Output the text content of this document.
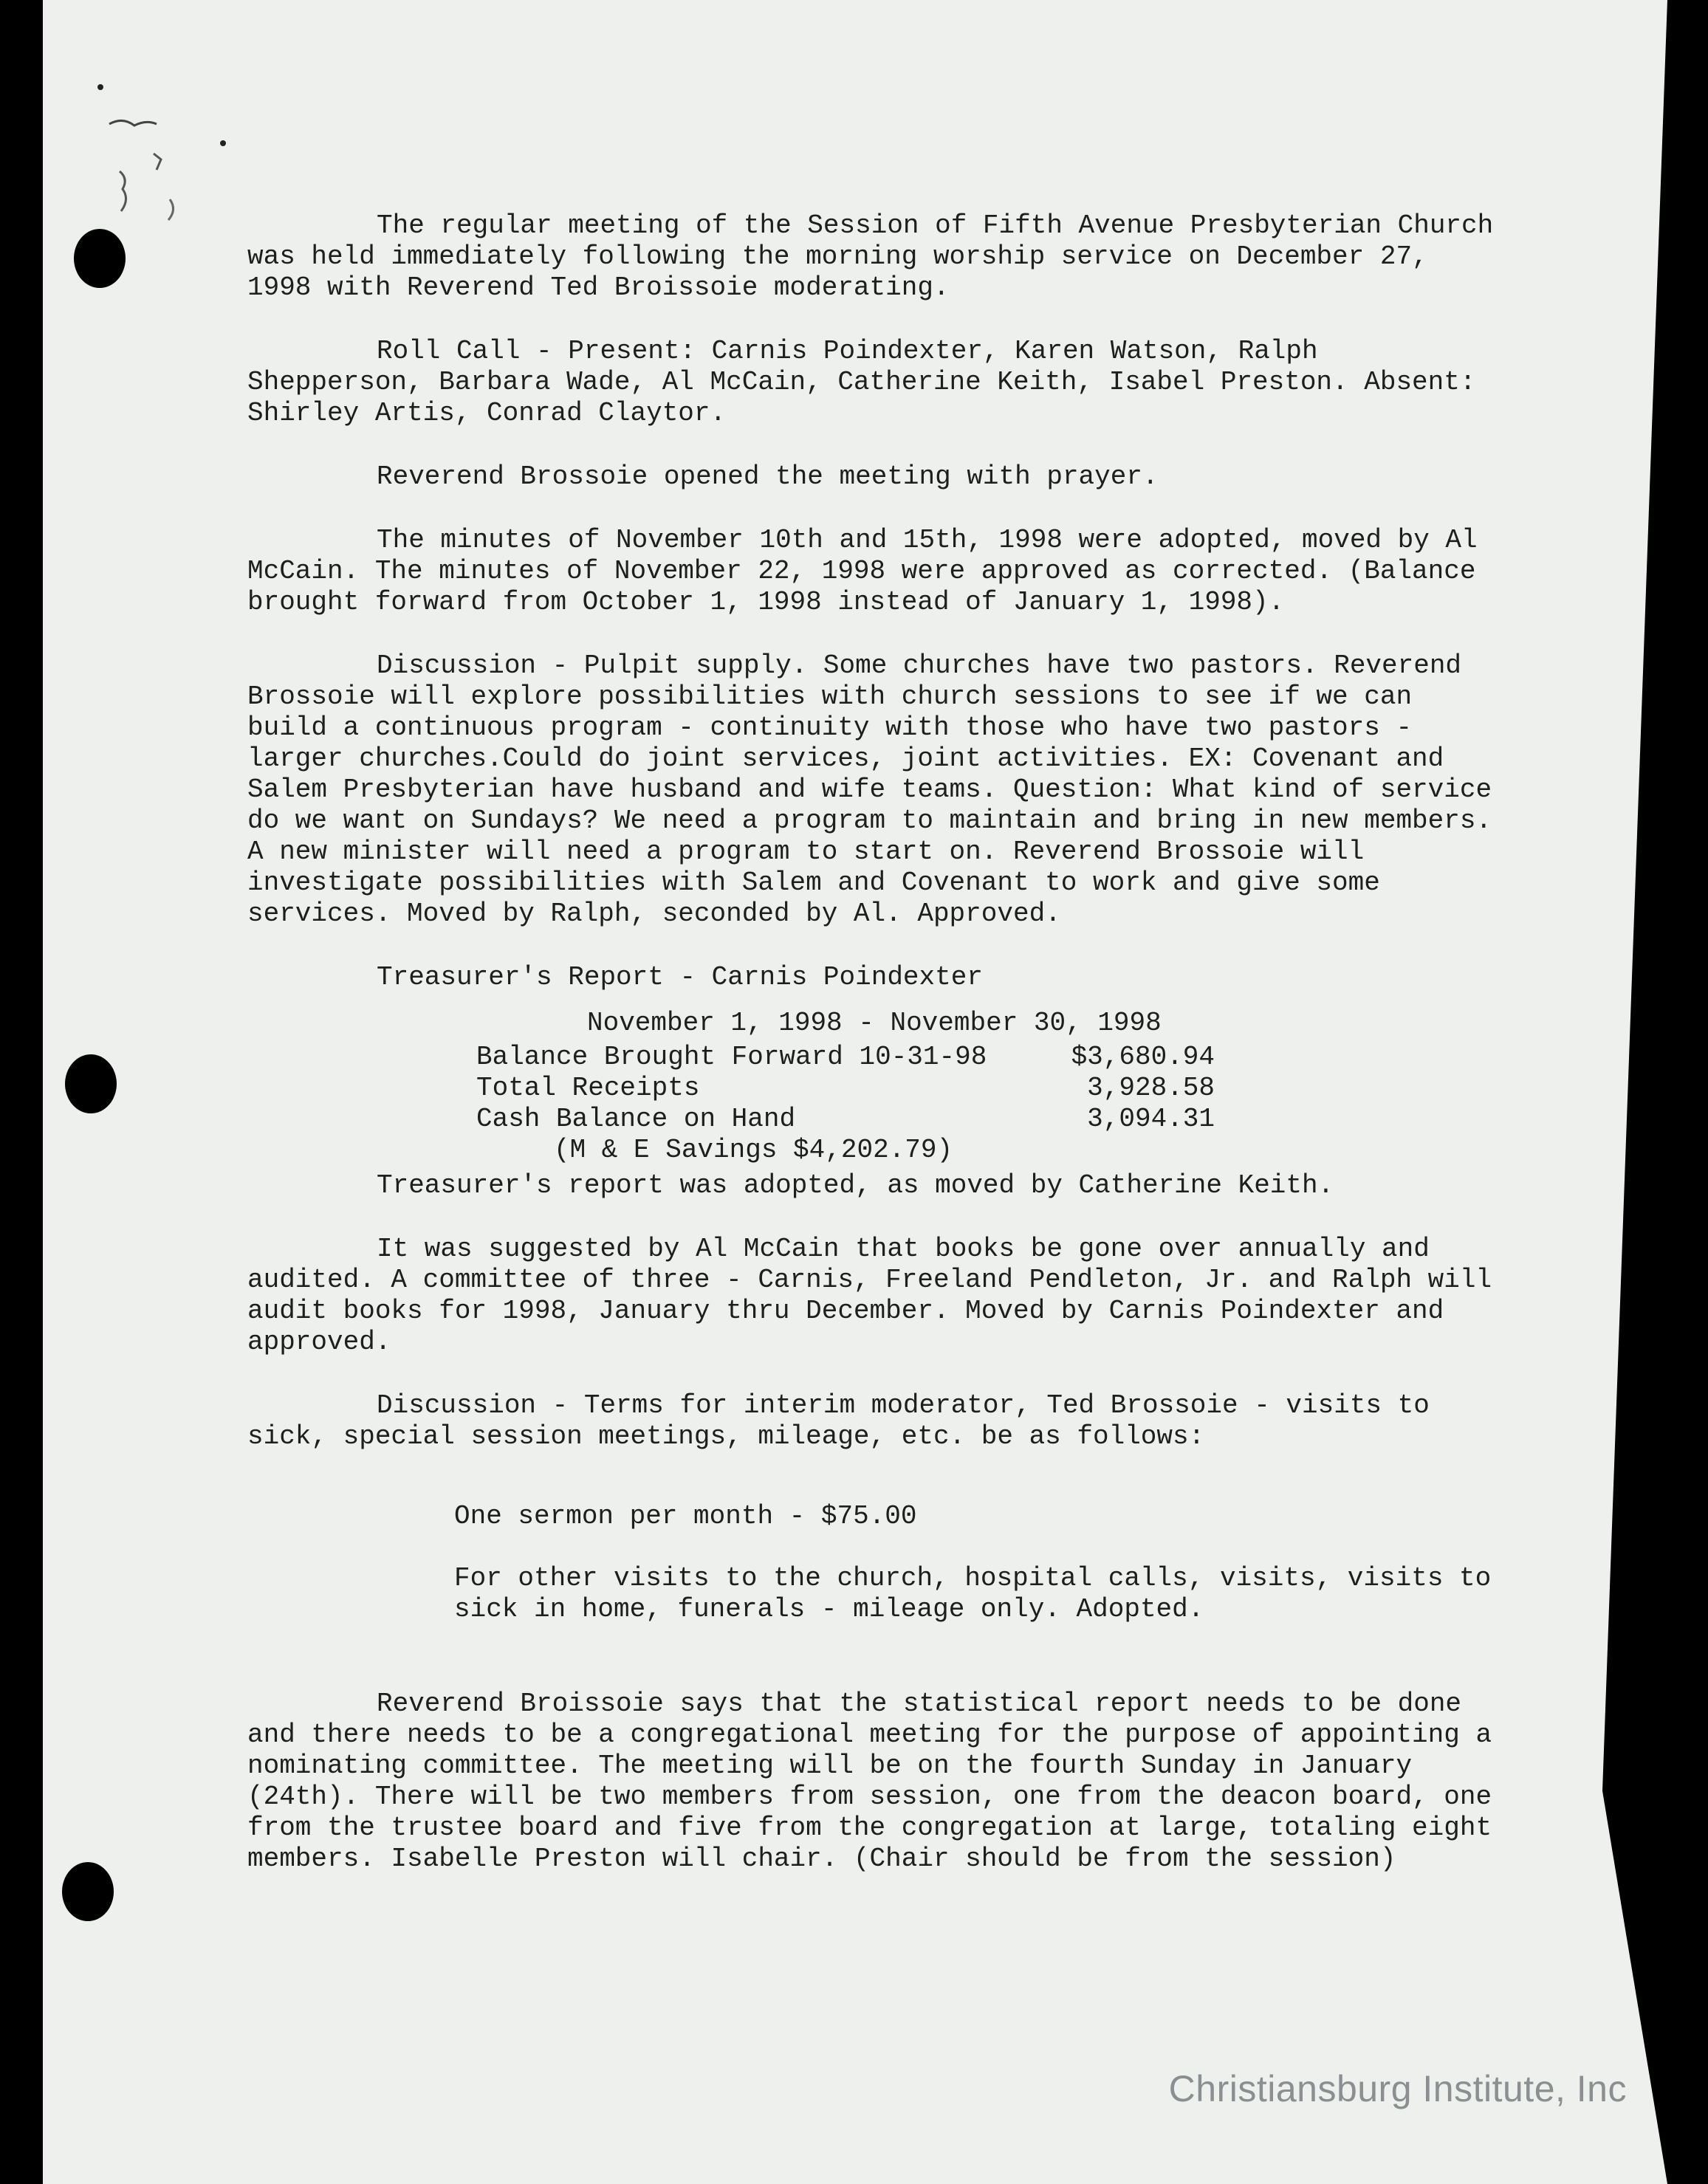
The regular meeting of the Session of Fifth Avenue Presbyterian Church was held immediately following the morning worship service on December 27, 1998 with Reverend Ted Broissoie moderating.

Roll Call - Present: Carnis Poindexter, Karen Watson, Ralph Shepperson, Barbara Wade, Al McCain, Catherine Keith, Isabel Preston. Absent: Shirley Artis, Conrad Claytor.

Reverend Brossoie opened the meeting with prayer.

The minutes of November 10th and 15th, 1998 were adopted, moved by Al McCain. The minutes of November 22, 1998 were approved as corrected. (Balance brought forward from October 1, 1998 instead of January 1, 1998).

Discussion - Pulpit supply. Some churches have two pastors. Reverend Brossoie will explore possibilities with church sessions to see if we can build a continuous program - continuity with those who have two pastors - larger churches.Could do joint services, joint activities. EX: Covenant and Salem Presbyterian have husband and wife teams. Question: What kind of service do we want on Sundays? We need a program to maintain and bring in new members. A new minister will need a program to start on. Reverend Brossoie will investigate possibilities with Salem and Covenant to work and give some services. Moved by Ralph, seconded by Al. Approved.

Treasurer's Report - Carnis Poindexter
November 1, 1998 - November 30, 1998
Balance Brought Forward 10-31-98	$3,680.94
Total Receipts	3,928.58
Cash Balance on Hand	3,094.31
(M & E Savings $4,202.79)
Treasurer's report was adopted, as moved by Catherine Keith.

It was suggested by Al McCain that books be gone over annually and audited. A committee of three - Carnis, Freeland Pendleton, Jr. and Ralph will audit books for 1998, January thru December. Moved by Carnis Poindexter and approved.

Discussion - Terms for interim moderator, Ted Brossoie - visits to sick, special session meetings, mileage, etc. be as follows:

One sermon per month - $75.00

For other visits to the church, hospital calls, visits, visits to sick in home, funerals - mileage only. Adopted.

Reverend Broissoie says that the statistical report needs to be done and there needs to be a congregational meeting for the purpose of appointing a nominating committee. The meeting will be on the fourth Sunday in January (24th). There will be two members from session, one from the deacon board, one from the trustee board and five from the congregation at large, totaling eight members. Isabelle Preston will chair. (Chair should be from the session)

Christiansburg Institute, Inc
